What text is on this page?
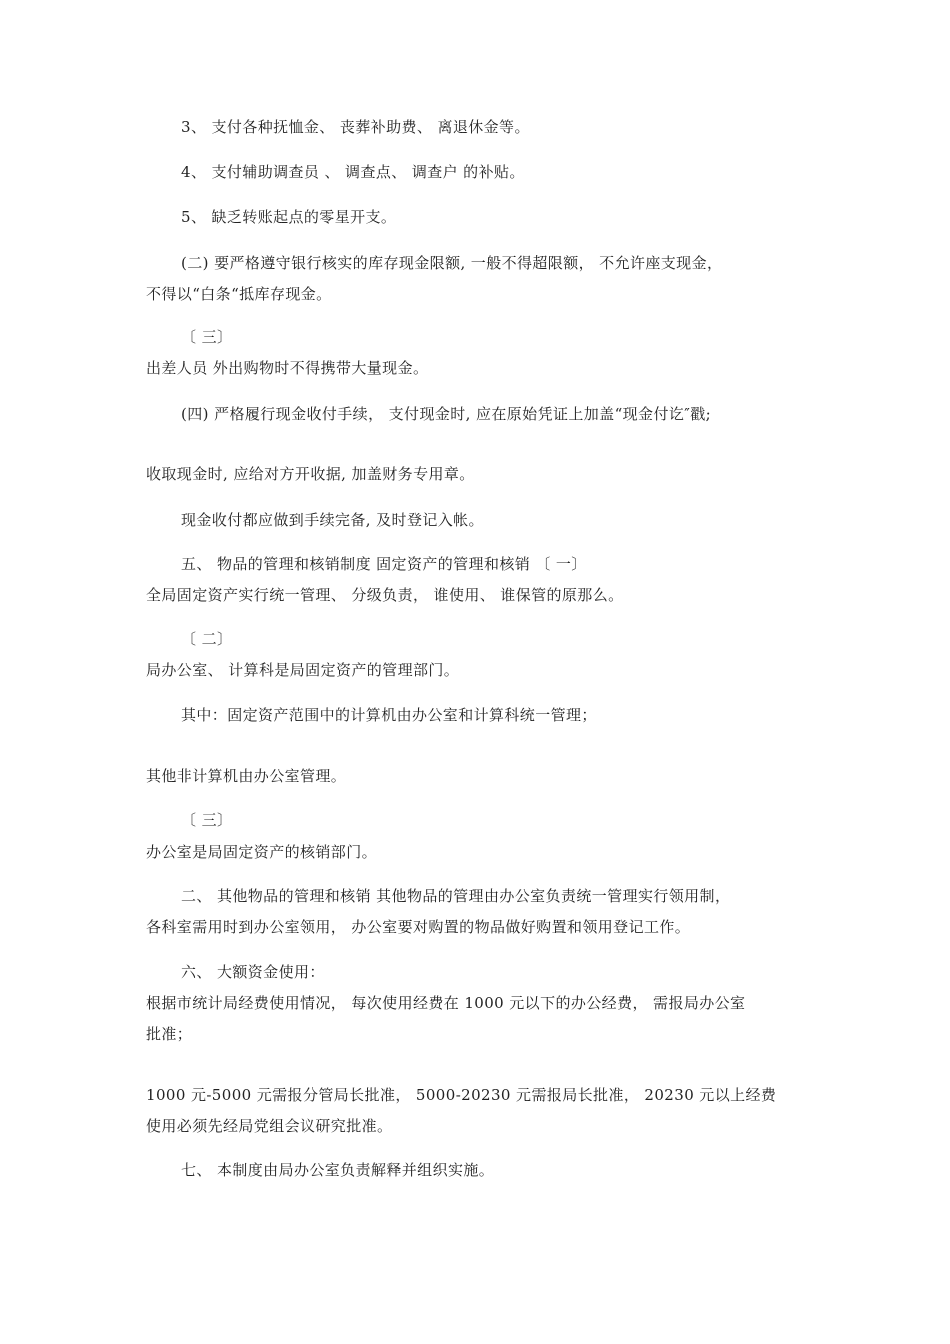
3、 支付各种抚恤金、 丧葬补助费、 离退休金等。
4、 支付辅助调查员 、 调查点、 调查户 的补贴。
5、 缺乏转账起点的零星开支。
(二) 要严格遵守银行核实的库存现金限额, 一般不得超限额， 不允许座支现金，
不得以“白条“抵库存现金。
〔 三〕
出差人员 外出购物时不得携带大量现金。
(四) 严格履行现金收付手续， 支付现金时, 应在原始凭证上加盖“现金付讫″戳;
收取现金时, 应给对方开收据, 加盖财务专用章。
现金收付都应做到手续完备, 及时登记入帐。
五、 物品的管理和核销制度 固定资产的管理和核销 〔 一〕
全局固定资产实行统一管理、 分级负责， 谁使用、 谁保管的原那么。
〔 二〕
局办公室、 计算科是局固定资产的管理部门。
其中：固定资产范围中的计算机由办公室和计算科统一管理；
其他非计算机由办公室管理。
〔 三〕
办公室是局固定资产的核销部门。
二、 其他物品的管理和核销 其他物品的管理由办公室负责统一管理实行领用制，
各科室需用时到办公室领用， 办公室要对购置的物品做好购置和领用登记工作。
六、 大额资金使用：
根据市统计局经费使用情况， 每次使用经费在 1000 元以下的办公经费， 需报局办公室
批准；
1000 元-5000 元需报分管局长批准， 5000-20230 元需报局长批准， 20230 元以上经费
使用必须先经局党组会议研究批准。
七、 本制度由局办公室负责解释并组织实施。
